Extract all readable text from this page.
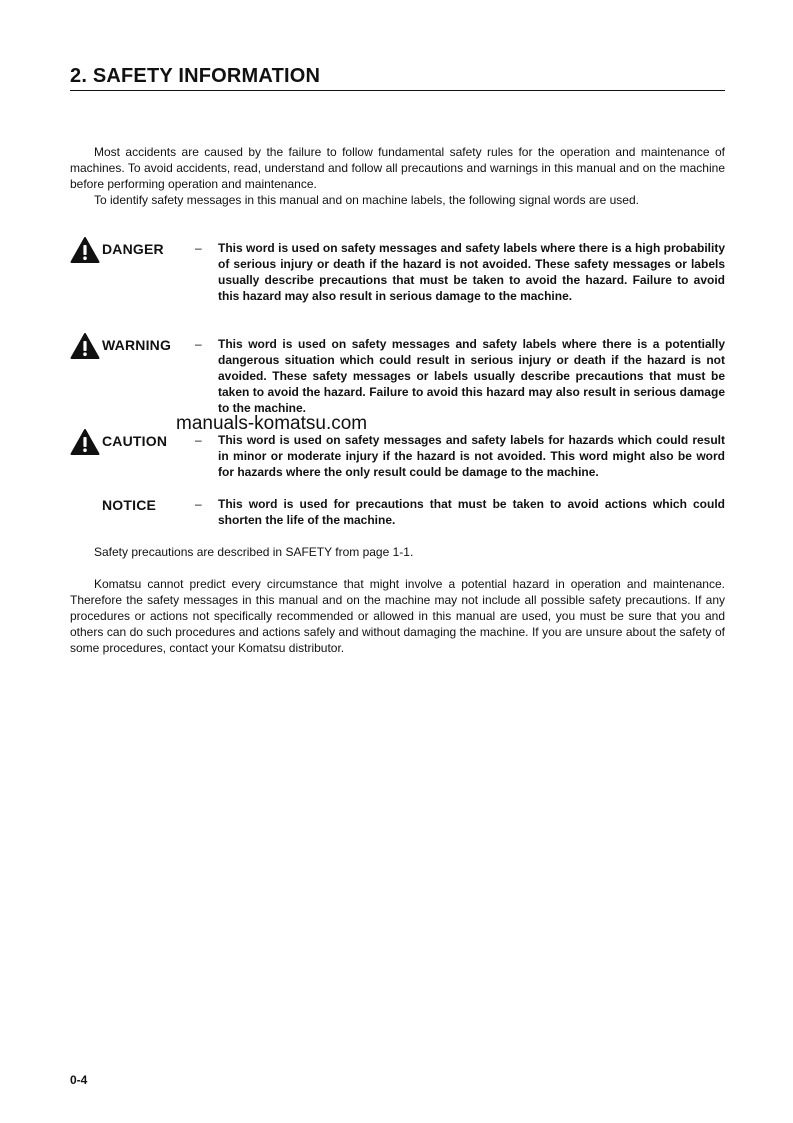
2. SAFETY INFORMATION

Most accidents are caused by the failure to follow fundamental safety rules for the operation and maintenance of machines. To avoid accidents, read, understand and follow all precautions and warnings in this manual and on the machine before performing operation and maintenance.

To identify safety messages in this manual and on machine labels, the following signal words are used.

DANGER	– This word is used on safety messages and safety labels where there is a high probability of serious injury or death if the hazard is not avoided. These safety messages or labels usually describe precautions that must be taken to avoid the hazard. Failure to avoid this hazard may also result in serious damage to the machine.

WARNING – This word is used on safety messages and safety labels where there is a potentially dangerous situation which could result in serious injury or death if the hazard is not avoided. These safety messages or labels usually describe precautions that must be taken to avoid the hazard. Failure to avoid this hazard may also result in serious damage to the machine.

CAUTION – This word is used on safety messages and safety labels for hazards which could result in minor or moderate injury if the hazard is not avoided. This word might also be word for hazards where the only result could be damage to the machine.

NOTICE	– This word is used for precautions that must be taken to avoid actions which could shorten the life of the machine.

Safety precautions are described in SAFETY from page 1-1.

Komatsu cannot predict every circumstance that might involve a potential hazard in operation and maintenance. Therefore the safety messages in this manual and on the machine may not include all possible safety precautions. If any procedures or actions not specifically recommended or allowed in this manual are used, you must be sure that you and others can do such procedures and actions safely and without damaging the machine. If you are unsure about the safety of some procedures, contact your Komatsu distributor.

manuals-komatsu.com
0-4
